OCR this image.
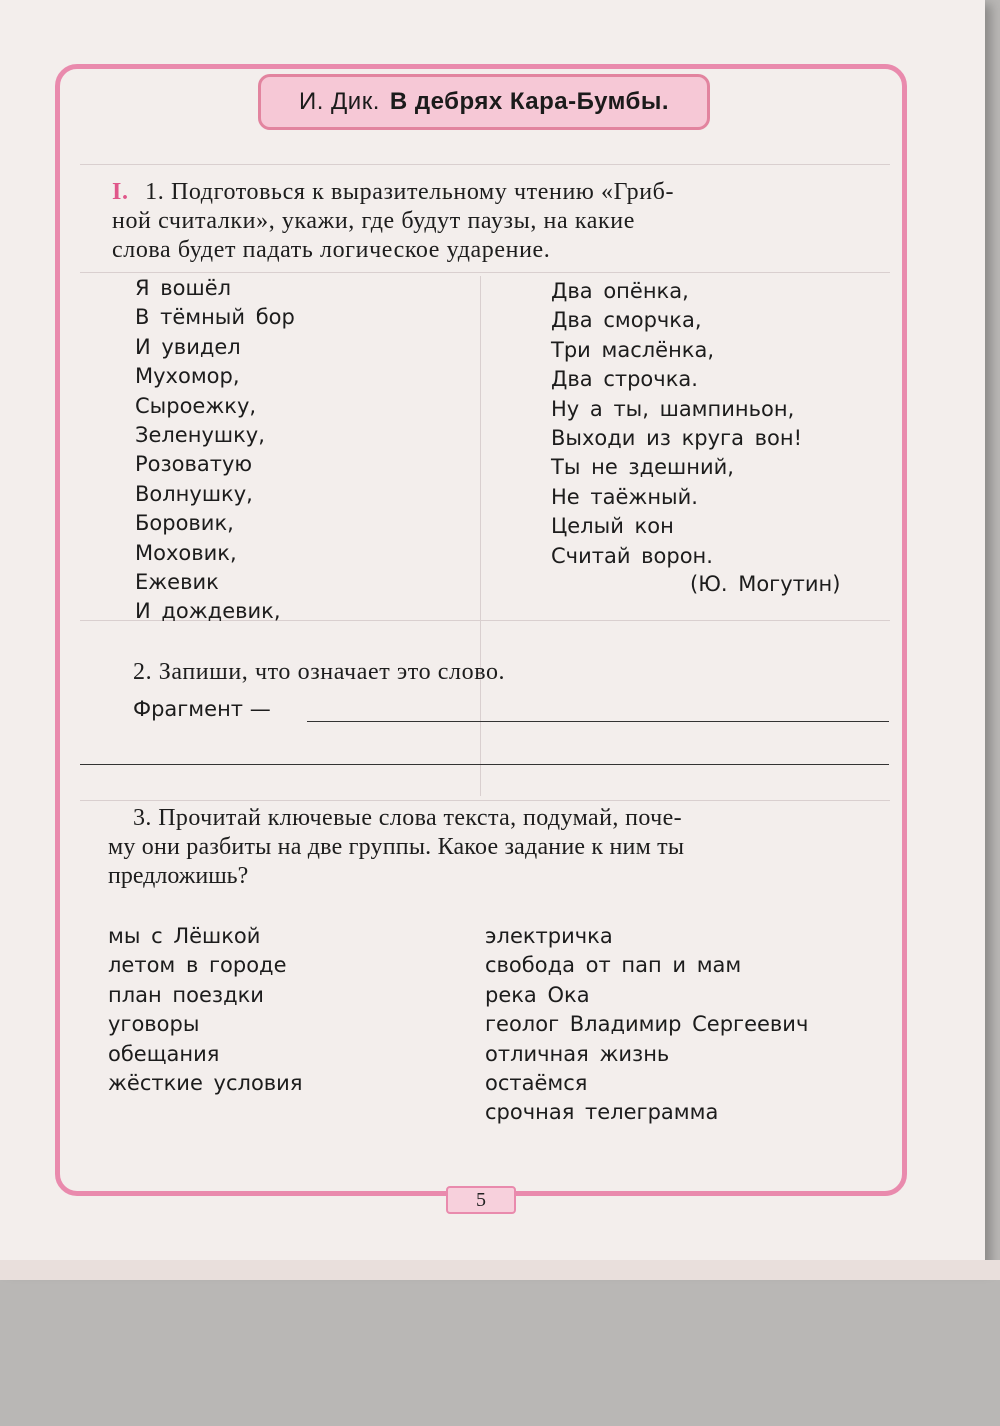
И. Дик. В дебрях Кара-Бумбы.
I. 1. Подготовься к выразительному чтению «Гриб-
ной считалки», укажи, где будут паузы, на какие
слова будет падать логическое ударение.
Я вошёл
В тёмный бор
И увидел
Мухомор,
Сыроежку,
Зеленушку,
Розоватую
Волнушку,
Боровик,
Моховик,
Ежевик
И дождевик,
Два опёнка,
Два сморчка,
Три маслёнка,
Два строчка.
Ну а ты, шампиньон,
Выходи из круга вон!
Ты не здешний,
Не таёжный.
Целый кон
Считай ворон.
(Ю. Могутин)
2. Запиши, что означает это слово.
Фрагмент —
3. Прочитай ключевые слова текста, подумай, поче-
му они разбиты на две группы. Какое задание к ним ты
предложишь?
мы с Лёшкой
летом в городе
план поездки
уговоры
обещания
жёсткие условия
электричка
свобода от пап и мам
река Ока
геолог Владимир Сергеевич
отличная жизнь
остаёмся
срочная телеграмма
5
